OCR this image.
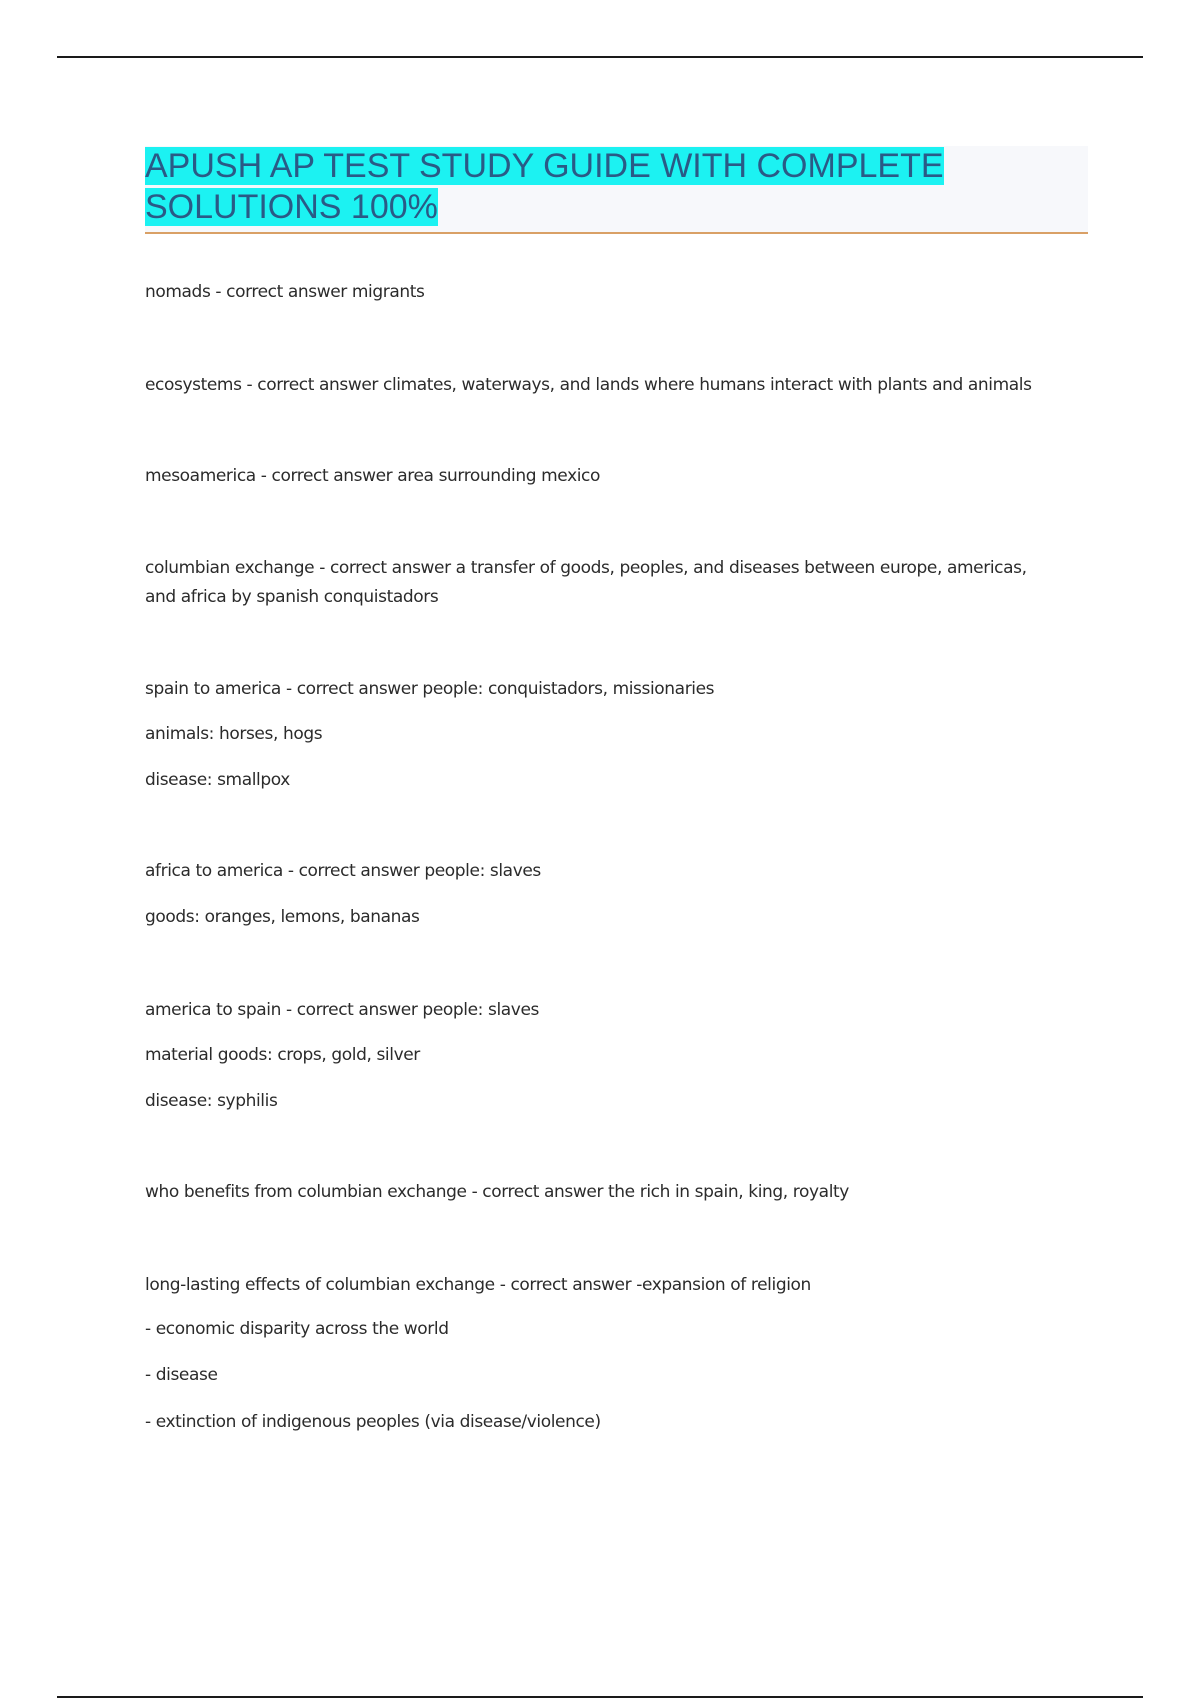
APUSH AP TEST STUDY GUIDE WITH COMPLETE
SOLUTIONS 100%
nomads - correct answer migrants
ecosystems - correct answer climates, waterways, and lands where humans interact with plants and animals
mesoamerica - correct answer area surrounding mexico
columbian exchange - correct answer a transfer of goods, peoples, and diseases between europe, americas,
and africa by spanish conquistadors
spain to america - correct answer people: conquistadors, missionaries
animals: horses, hogs
disease: smallpox
africa to america - correct answer people: slaves
goods: oranges, lemons, bananas
america to spain - correct answer people: slaves
material goods: crops, gold, silver
disease: syphilis
who benefits from columbian exchange - correct answer the rich in spain, king, royalty
long-lasting effects of columbian exchange - correct answer -expansion of religion
- economic disparity across the world
- disease
- extinction of indigenous peoples (via disease/violence)
